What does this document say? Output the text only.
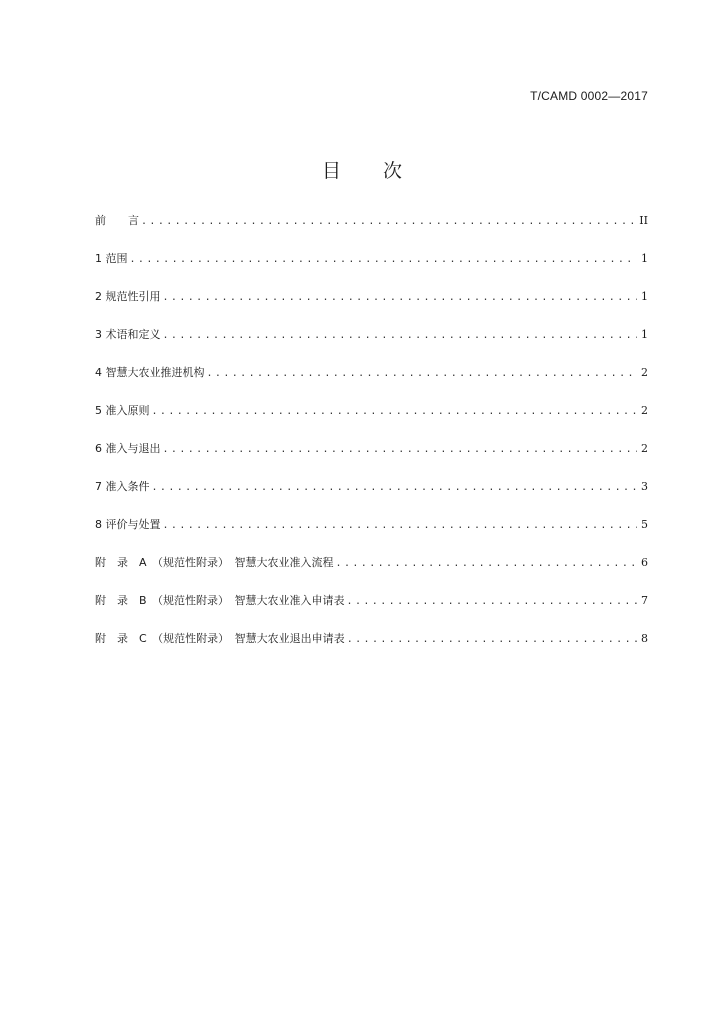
T/CAMD 0002—2017
目 次
前　　言 .....	II
1 范围 .....	1
2 规范性引用 .....	1
3 术语和定义 .....	1
4 智慧大农业推进机构 .....	2
5 准入原则 .....	2
6 准入与退出 .....	2
7 准入条件 .....	3
8 评价与处置 .....	5
附　录　A　（规范性附录）　智慧大农业准入流程 .....	6
附　录　B　（规范性附录）　智慧大农业准入申请表 .....	7
附　录　C　（规范性附录）　智慧大农业退出申请表 .....	8
